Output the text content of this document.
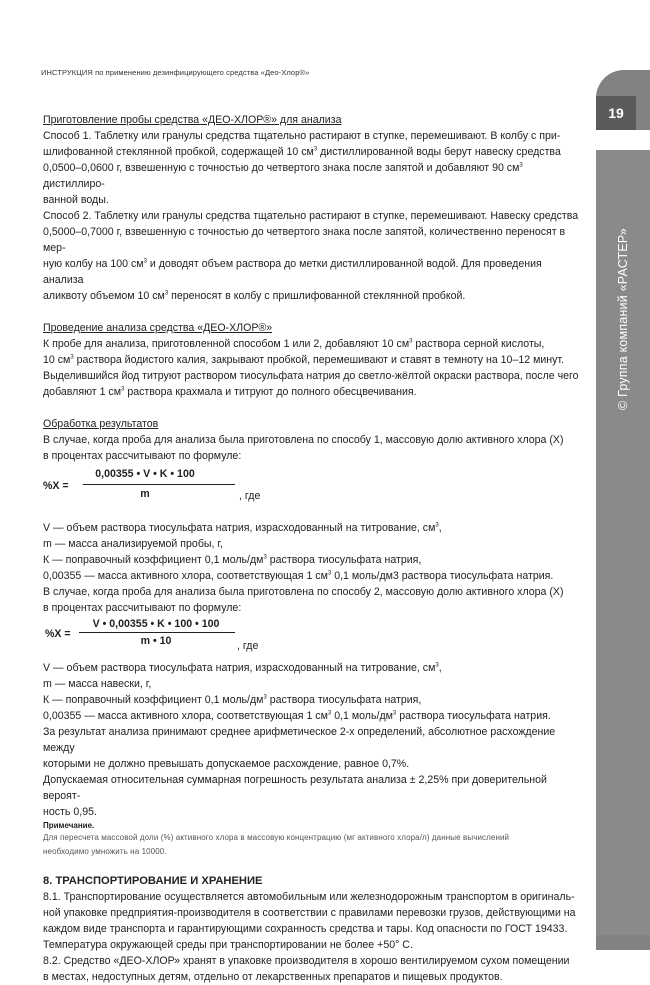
ИНСТРУКЦИЯ по применению дезинфицирующего средства «Део-Хлор®»
19
© Группа компаний «РАСТЕР»

Приготовление пробы средства «ДЕО-ХЛОР®» для анализа

Способ 1. Таблетку или гранулы средства тщательно растирают в ступке, перемешивают. В колбу с при-

шлифованной стеклянной пробкой, содержащей 10 $см^3$ дистиллированной воды берут навеску средства

0,0500–0,0600 г, взвешенную с точностью до четвертого знака после запятой и добавляют 90 $см^3$ дистиллиро-

ванной воды.

Способ 2. Таблетку или гранулы средства тщательно растирают в ступке, перемешивают. Навеску средства

0,5000–0,7000 г, взвешенную с точностью до четвертого знака после запятой, количественно переносят в мер-

ную колбу на 100 $см^3$ и доводят объем раствора до метки дистиллированной водой. Для проведения анализа

аликвоту объемом 10 $см^3$ переносят в колбу с пришлифованной стеклянной пробкой.

Проведение анализа средства «ДЕО-ХЛОР®»

К пробе для анализа, приготовленной способом 1 или 2, добавляют 10 $см^3$ раствора серной кислоты,

10 $см^3$ раствора йодистого калия, закрывают пробкой, перемешивают и ставят в темноту на 10–12 минут.

Выделившийся йод титруют раствором тиосульфата натрия до светло-жёлтой окраски раствора, после чего

добавляют 1 $см^3$ раствора крахмала и титруют до полного обесцвечивания.

Обработка результатов

В случае, когда проба для анализа была приготовлена по способу 1, массовую долю активного хлора (Х)

в процентах рассчитывают по формуле:

%Х =
0,00355 • V • K • 100
m	, где

V — объем раствора тиосульфата натрия, израсходованный на титрование, $см^3$,

m — масса анализируемой пробы, г,

К — поправочный коэффициент 0,1 моль/$дм^3$ раствора тиосульфата натрия,

0,00355 — масса активного хлора, соответствующая 1 $см^3$ 0,1 моль/дм3 раствора тиосульфата натрия.

В случае, когда проба для анализа была приготовлена по способу 2, массовую долю активного хлора (Х)

в процентах рассчитывают по формуле:

%Х =
V • 0,00355 • K • 100 • 100
m • 10	, где

V — объем раствора тиосульфата натрия, израсходованный на титрование, $см^3$,

m — масса навески, г,

К — поправочный коэффициент 0,1 моль/$дм^3$ раствора тиосульфата натрия,

0,00355 — масса активного хлора, соответствующая 1 $см^3$ 0,1 моль/$дм^3$ раствора тиосульфата натрия.

За результат анализа принимают среднее арифметическое 2-х определений, абсолютное расхождение между

которыми не должно превышать допускаемое расхождение, равное 0,7%.

Допускаемая относительная суммарная погрешность результата анализа ± 2,25% при доверительной вероят-

ность 0,95.

Примечание.

Для пересчета массовой доли (%) активного хлора в массовую концентрацию (мг активного хлора/л) данные вычислений

необходимо умножить на 10000.

8. ТРАНСПОРТИРОВАНИЕ И ХРАНЕНИЕ

8.1. Транспортирование осуществляется автомобильным или железнодорожным транспортом в оригиналь-

ной упаковке предприятия-производителя в соответствии с правилами перевозки грузов, действующими на

каждом виде транспорта и гарантирующими сохранность средства и тары. Код опасности по ГОСТ 19433.

Температура окружающей среды при транспортировании не более +50° С.

8.2. Средство «ДЕО-ХЛОР» хранят в упаковке производителя в хорошо вентилируемом сухом помещении

в местах, недоступных детям, отдельно от лекарственных препаратов и пищевых продуктов.
